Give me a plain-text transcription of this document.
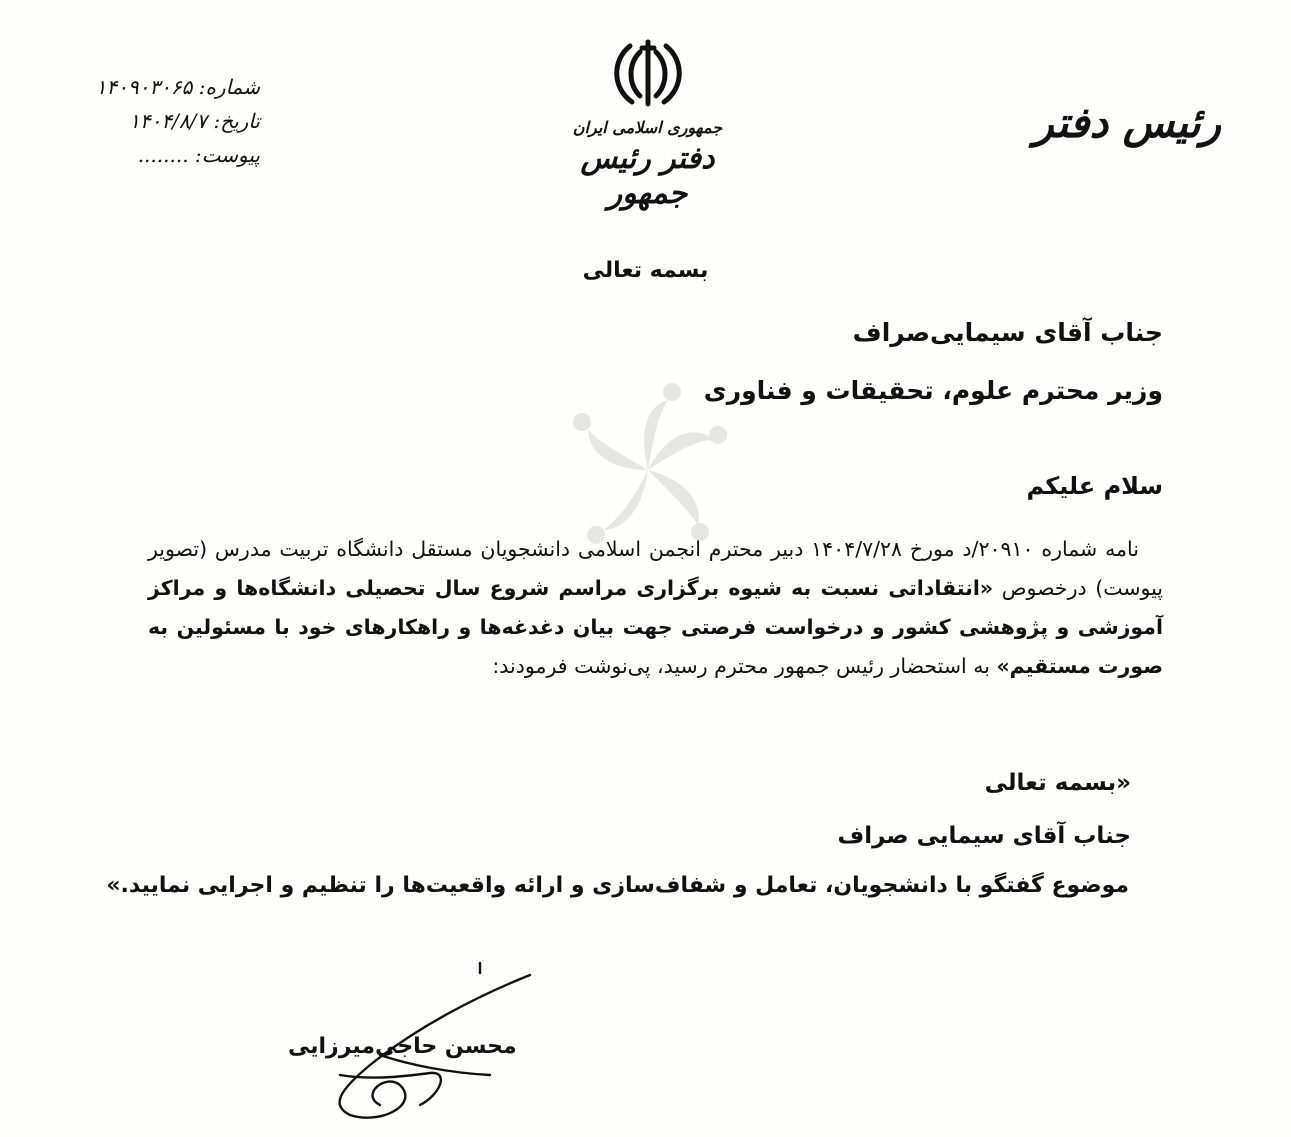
رئیس دفتر
جمهوری اسلامی ایران
دفتر رئیس جمهور
شماره: ۱۴۰۹۰۳۰۶۵
تاریخ: ۱۴۰۴/۸/۷
پیوست: ........
بسمه تعالی
جناب آقای سیمایی‌صراف
وزیر محترم علوم، تحقیقات و فناوری
سلام علیکم
نامه شماره ۲۰۹۱۰/د مورخ ۱۴۰۴/۷/۲۸ دبیر محترم انجمن اسلامی دانشجویان مستقل دانشگاه تربیت مدرس (تصویر پیوست) درخصوص «انتقاداتی نسبت به شیوه برگزاری مراسم شروع سال تحصیلی دانشگاه‌ها و مراکز آموزشی و پژوهشی کشور و درخواست فرصتی جهت بیان دغدغه‌ها و راهکارهای خود با مسئولین به صورت مستقیم» به استحضار رئیس جمهور محترم رسید، پی‌نوشت فرمودند:
«بسمه تعالی
جناب آقای سیمایی صراف
موضوع گفتگو با دانشجویان، تعامل و شفاف‌سازی و ارائه واقعیت‌ها را تنظیم و اجرایی نمایید.»
محسن حاجی‌میرزایی
